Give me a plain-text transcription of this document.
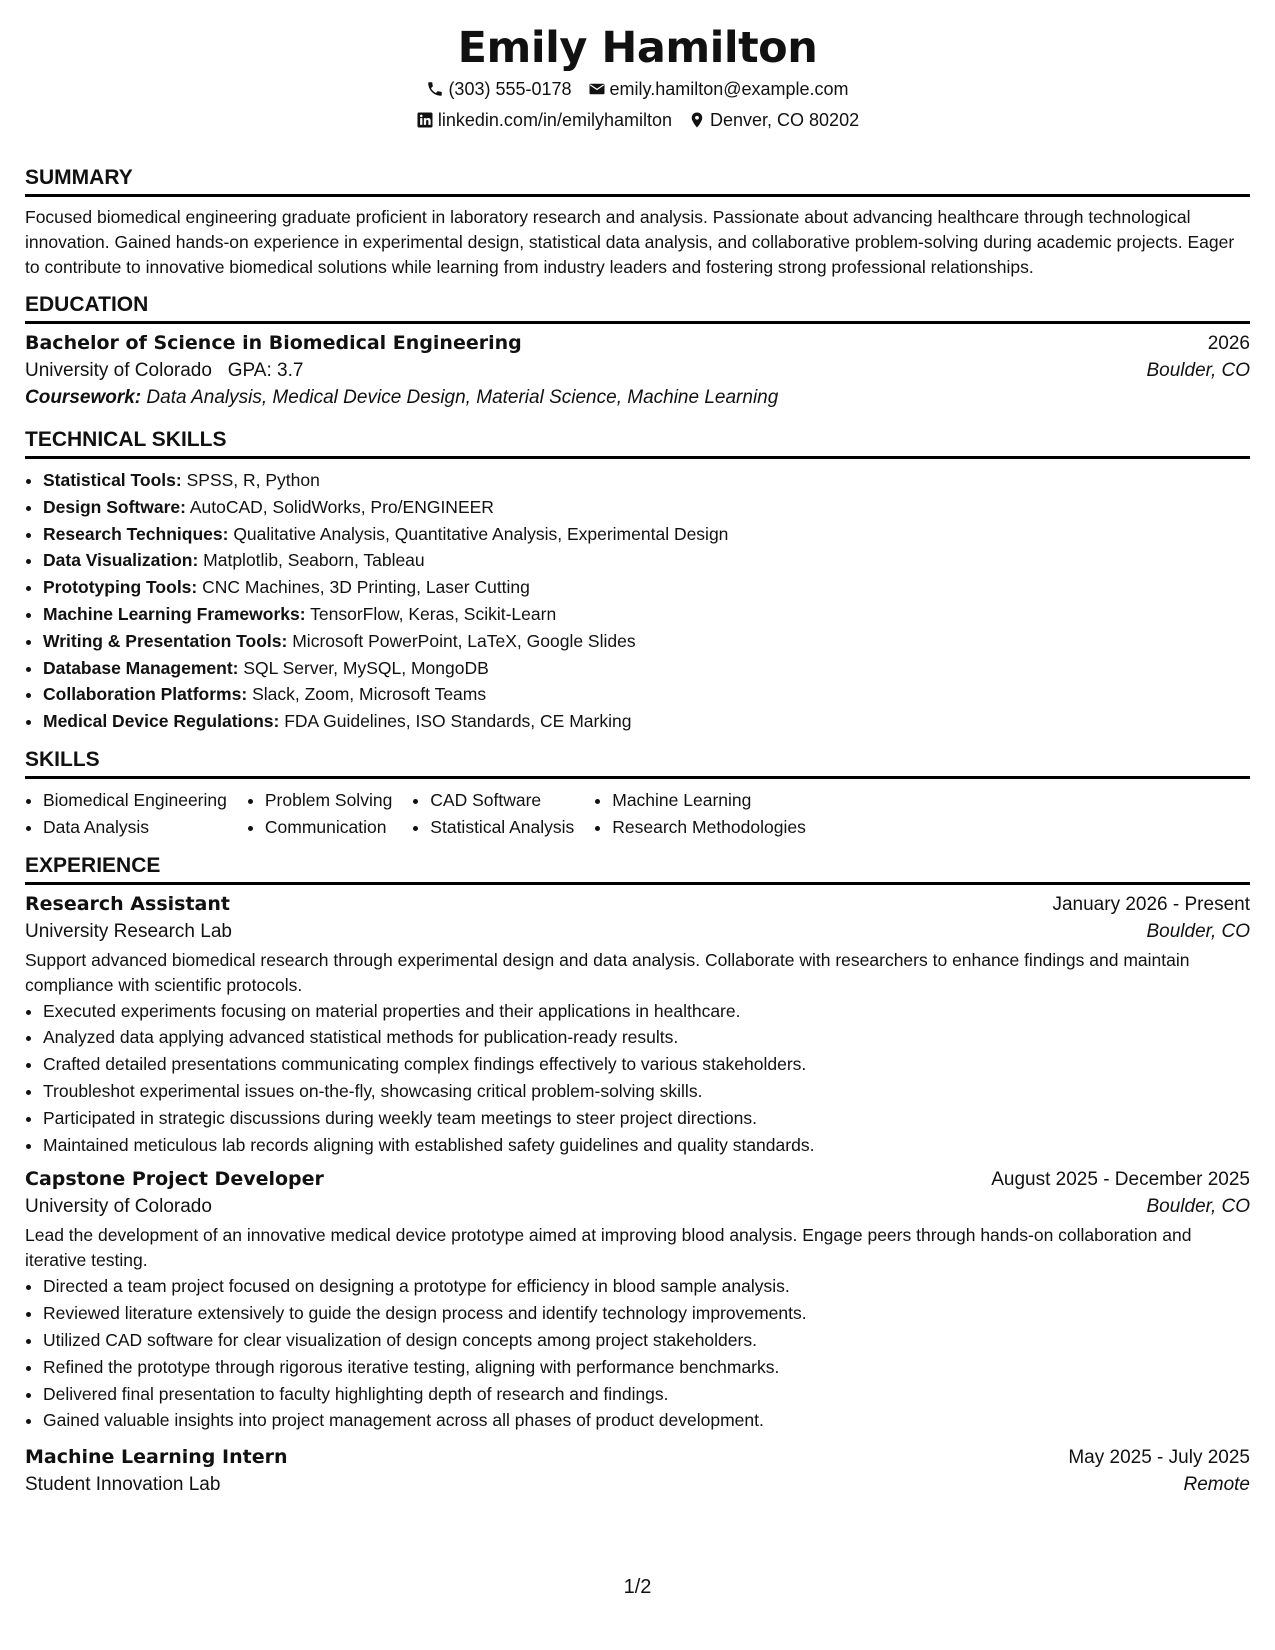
Emily Hamilton
(303) 555-0178 emily.hamilton@example.com
linkedin.com/in/emilyhamilton Denver, CO 80202
SUMMARY
Focused biomedical engineering graduate proficient in laboratory research and analysis. Passionate about advancing healthcare through technological innovation. Gained hands-on experience in experimental design, statistical data analysis, and collaborative problem-solving during academic projects. Eager to contribute to innovative biomedical solutions while learning from industry leaders and fostering strong professional relationships.
EDUCATION
Bachelor of Science in Biomedical Engineering	2026
University of Colorado GPA: 3.7	Boulder, CO
Coursework: Data Analysis, Medical Device Design, Material Science, Machine Learning
TECHNICAL SKILLS
• Statistical Tools: SPSS, R, Python
• Design Software: AutoCAD, SolidWorks, Pro/ENGINEER
• Research Techniques: Qualitative Analysis, Quantitative Analysis, Experimental Design
• Data Visualization: Matplotlib, Seaborn, Tableau
• Prototyping Tools: CNC Machines, 3D Printing, Laser Cutting
• Machine Learning Frameworks: TensorFlow, Keras, Scikit-Learn
• Writing & Presentation Tools: Microsoft PowerPoint, LaTeX, Google Slides
• Database Management: SQL Server, MySQL, MongoDB
• Collaboration Platforms: Slack, Zoom, Microsoft Teams
• Medical Device Regulations: FDA Guidelines, ISO Standards, CE Marking
SKILLS
• Biomedical Engineering
• Data Analysis
• Problem Solving
• Communication
• CAD Software
• Statistical Analysis
• Machine Learning
• Research Methodologies
EXPERIENCE
Research Assistant	January 2026 - Present
University Research Lab	Boulder, CO
Support advanced biomedical research through experimental design and data analysis. Collaborate with researchers to enhance findings and maintain compliance with scientific protocols.
• Executed experiments focusing on material properties and their applications in healthcare.
• Analyzed data applying advanced statistical methods for publication-ready results.
• Crafted detailed presentations communicating complex findings effectively to various stakeholders.
• Troubleshot experimental issues on-the-fly, showcasing critical problem-solving skills.
• Participated in strategic discussions during weekly team meetings to steer project directions.
• Maintained meticulous lab records aligning with established safety guidelines and quality standards.
Capstone Project Developer	August 2025 - December 2025
University of Colorado	Boulder, CO
Lead the development of an innovative medical device prototype aimed at improving blood analysis. Engage peers through hands-on collaboration and iterative testing.
• Directed a team project focused on designing a prototype for efficiency in blood sample analysis.
• Reviewed literature extensively to guide the design process and identify technology improvements.
• Utilized CAD software for clear visualization of design concepts among project stakeholders.
• Refined the prototype through rigorous iterative testing, aligning with performance benchmarks.
• Delivered final presentation to faculty highlighting depth of research and findings.
• Gained valuable insights into project management across all phases of product development.
Machine Learning Intern	May 2025 - July 2025
Student Innovation Lab	Remote
1/2
